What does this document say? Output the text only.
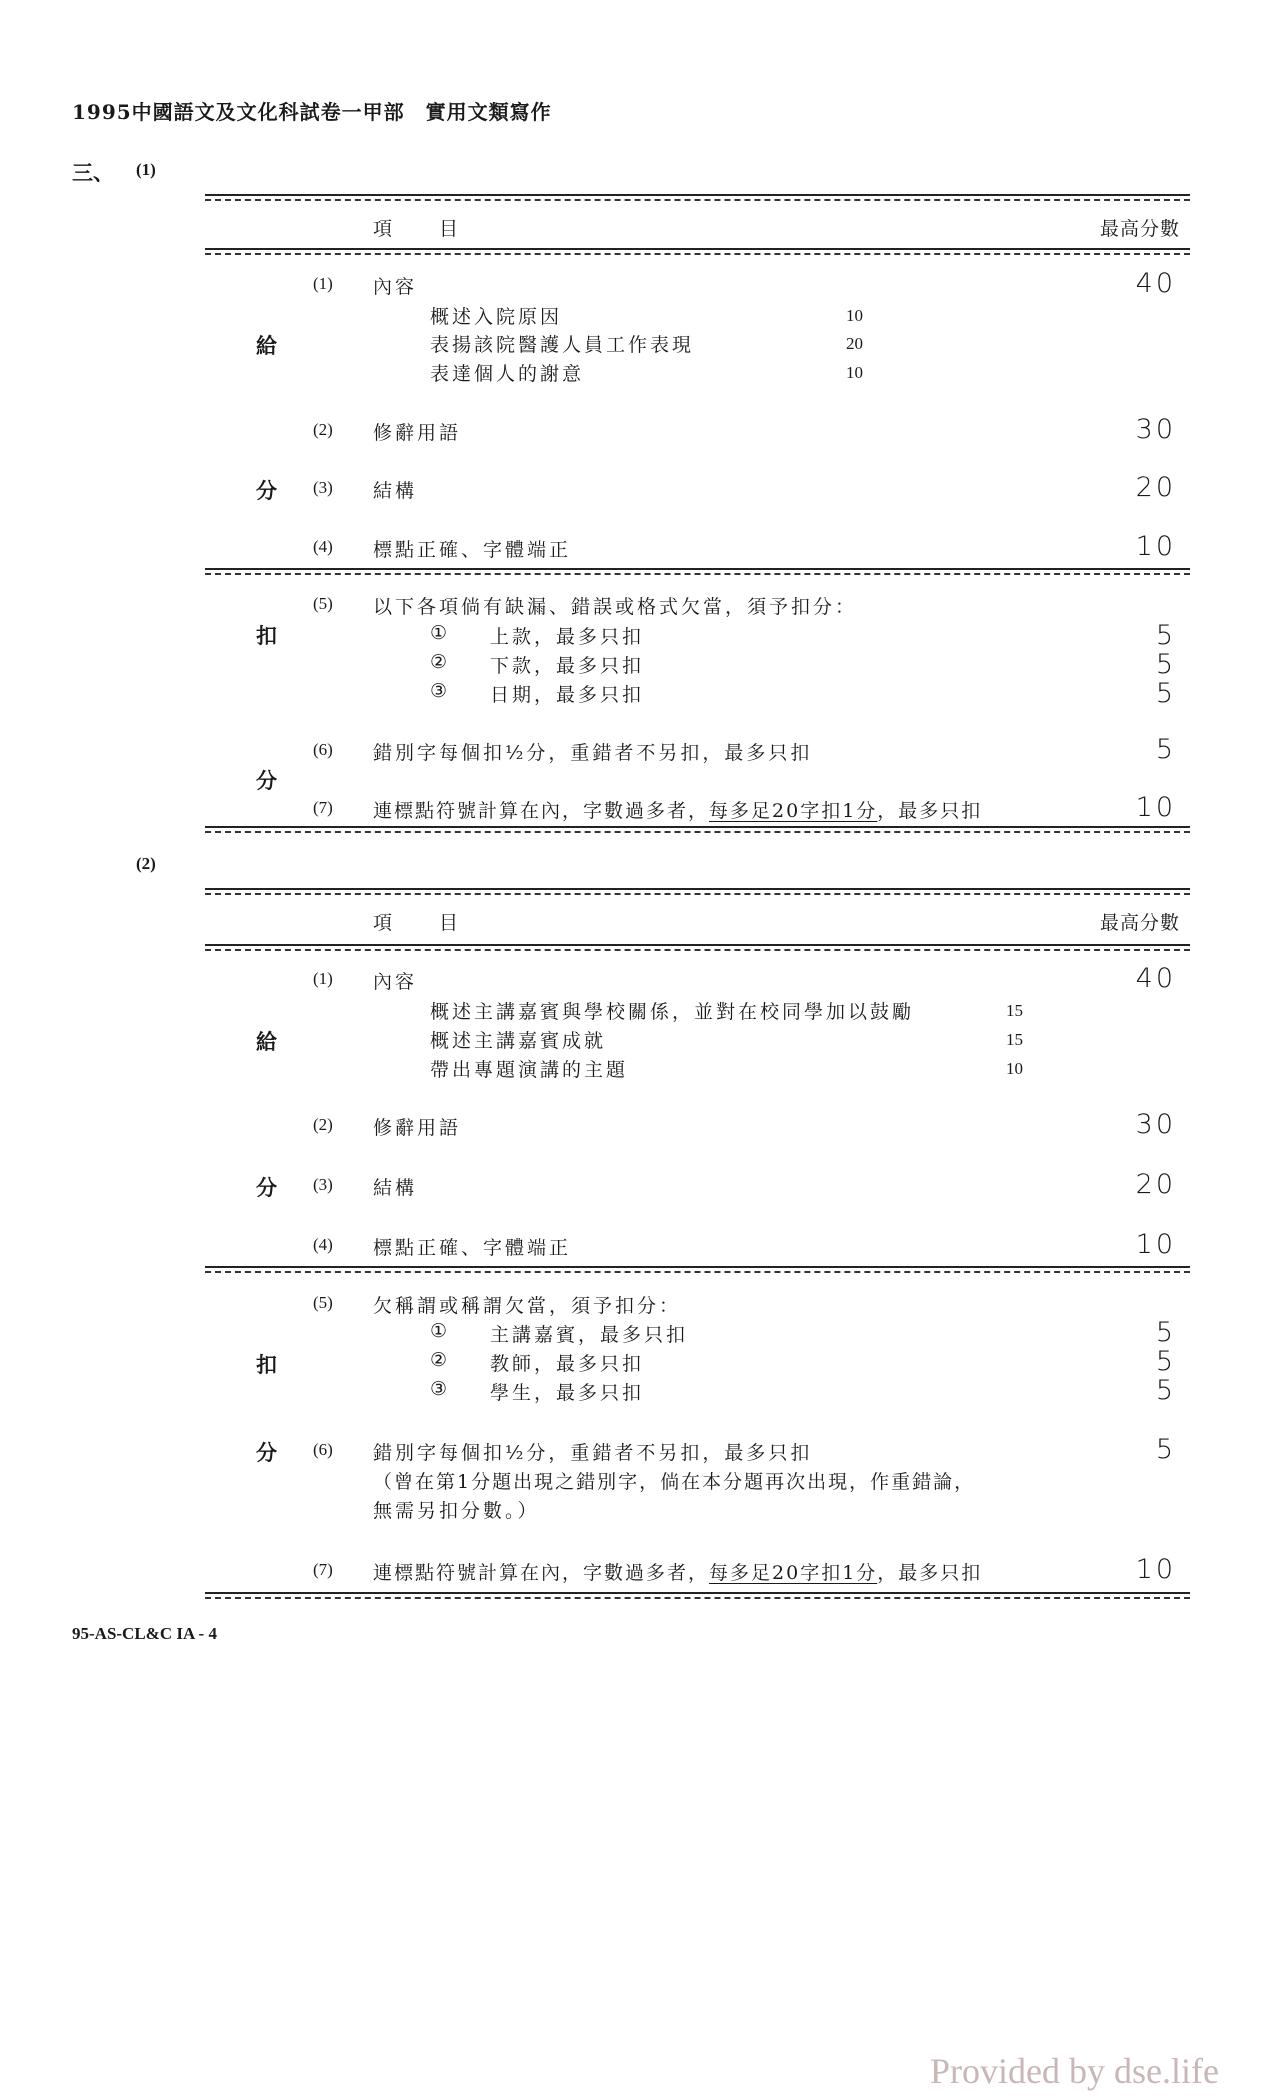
1995中國語文及文化科試卷一甲部　實用文類寫作
三、 (1)
項　　目	最高分數
給
分
(1) 內容	40
概述入院原因	10
表揚該院醫護人員工作表現	20
表達個人的謝意	10
(2) 修辭用語	30
(3) 結構	20
(4) 標點正確、字體端正	10
扣
分
(5) 以下各項倘有缺漏、錯誤或格式欠當，須予扣分：
① 上款，最多只扣	5
② 下款，最多只扣	5
③ 日期，最多只扣	5
(6) 錯別字每個扣½分，重錯者不另扣，最多只扣	5
(7) 連標點符號計算在內，字數過多者，每多足20字扣1分，最多只扣	10
(2)
項　　目	最高分數
給
分
(1) 內容	40
概述主講嘉賓與學校關係，並對在校同學加以鼓勵	15
概述主講嘉賓成就	15
帶出專題演講的主題	10
(2) 修辭用語	30
(3) 結構	20
(4) 標點正確、字體端正	10
扣
分
(5) 欠稱謂或稱謂欠當，須予扣分：
① 主講嘉賓，最多只扣	5
② 教師，最多只扣	5
③ 學生，最多只扣	5
(6) 錯別字每個扣½分，重錯者不另扣，最多只扣	5
（曾在第1分題出現之錯別字，倘在本分題再次出現，作重錯論，
無需另扣分數。）
(7) 連標點符號計算在內，字數過多者，每多足20字扣1分，最多只扣	10
95-AS-CL&C IA - 4
Provided by dse.life
